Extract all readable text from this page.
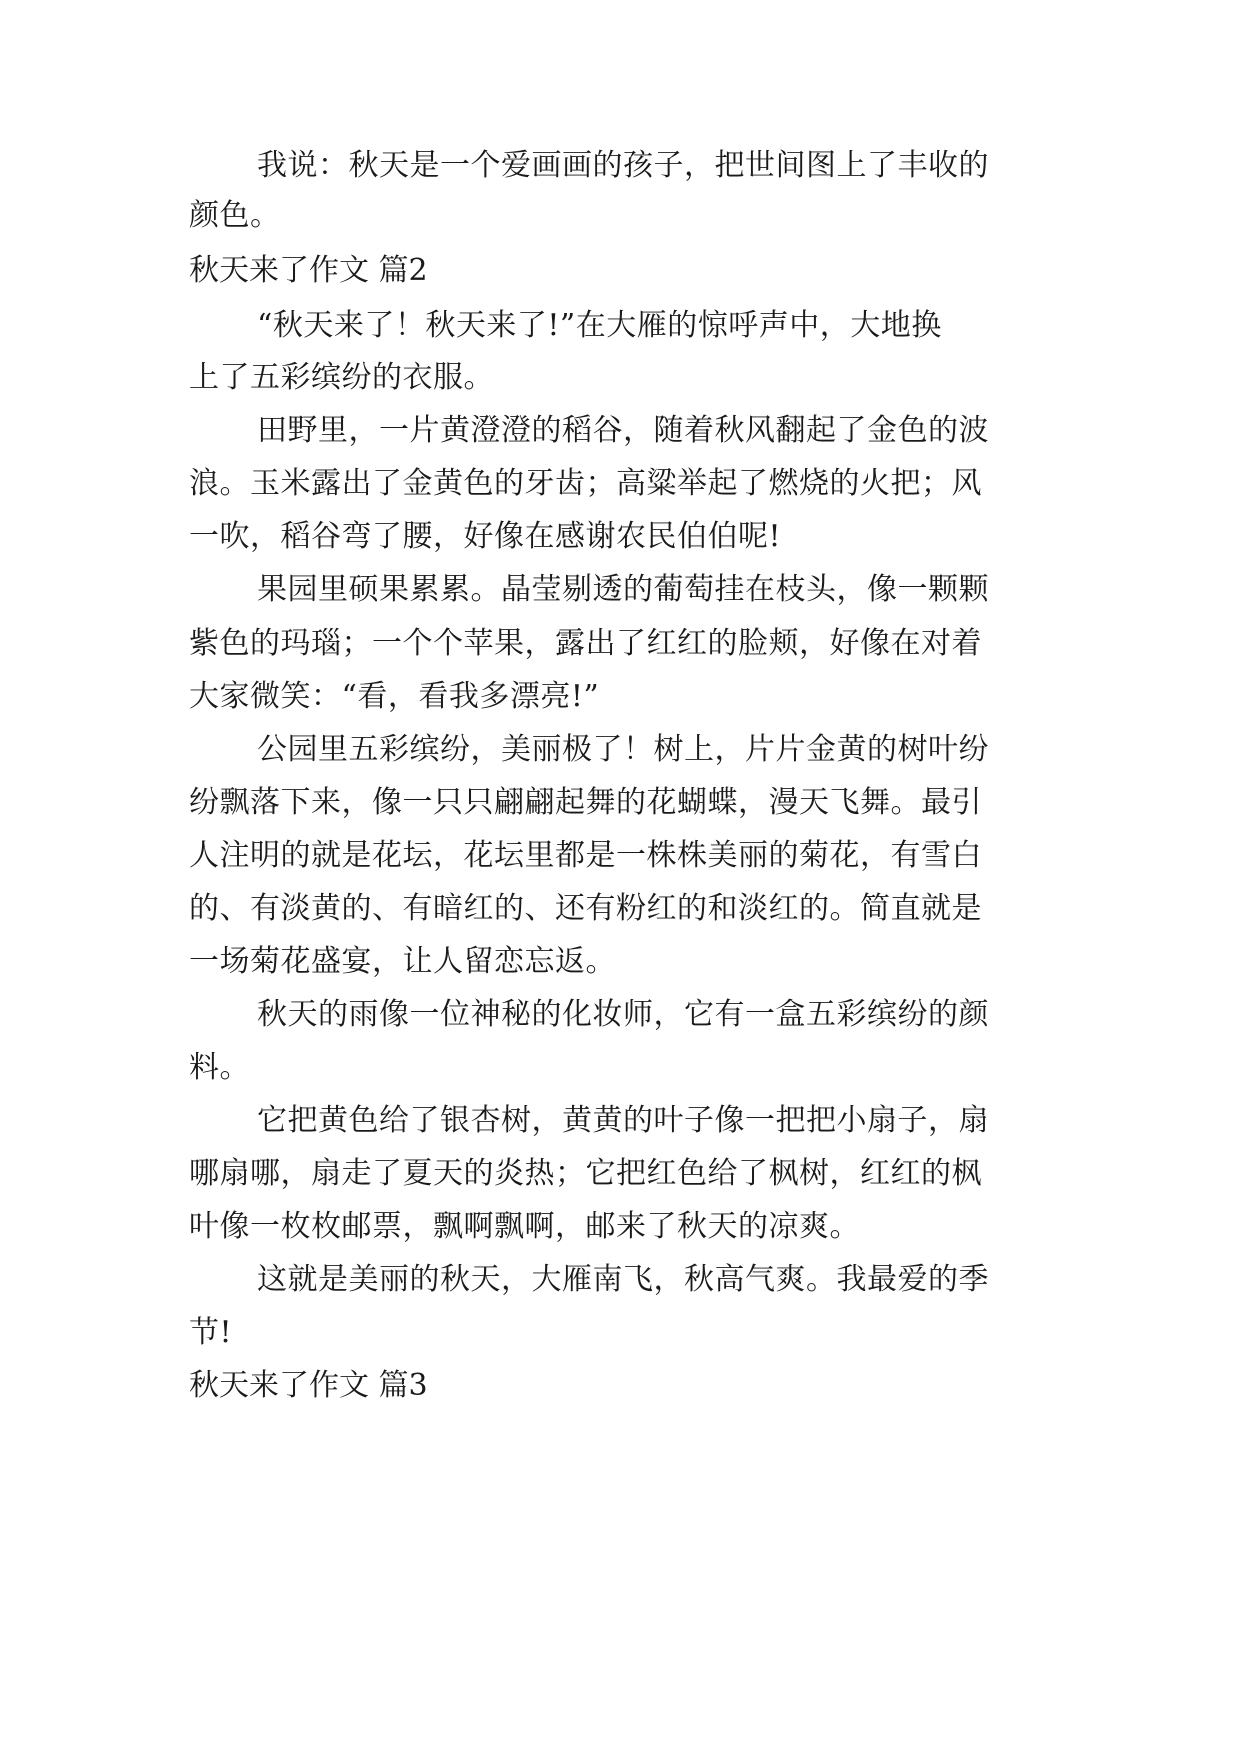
我说：秋天是一个爱画画的孩子，把世间图上了丰收的
颜色。
秋天来了作文 篇2
“秋天来了！秋天来了!”在大雁的惊呼声中，大地换
上了五彩缤纷的衣服。
田野里，一片黄澄澄的稻谷，随着秋风翻起了金色的波
浪。玉米露出了金黄色的牙齿；高粱举起了燃烧的火把；风
一吹，稻谷弯了腰，好像在感谢农民伯伯呢!
果园里硕果累累。晶莹剔透的葡萄挂在枝头，像一颗颗
紫色的玛瑙；一个个苹果，露出了红红的脸颊，好像在对着
大家微笑：“看，看我多漂亮!”
公园里五彩缤纷，美丽极了！树上，片片金黄的树叶纷
纷飘落下来，像一只只翩翩起舞的花蝴蝶，漫天飞舞。最引
人注明的就是花坛，花坛里都是一株株美丽的菊花，有雪白
的、有淡黄的、有暗红的、还有粉红的和淡红的。简直就是
一场菊花盛宴，让人留恋忘返。
秋天的雨像一位神秘的化妆师，它有一盒五彩缤纷的颜
料。
它把黄色给了银杏树，黄黄的叶子像一把把小扇子，扇
哪扇哪，扇走了夏天的炎热；它把红色给了枫树，红红的枫
叶像一枚枚邮票，飘啊飘啊，邮来了秋天的凉爽。
这就是美丽的秋天，大雁南飞，秋高气爽。我最爱的季
节!
秋天来了作文 篇3
